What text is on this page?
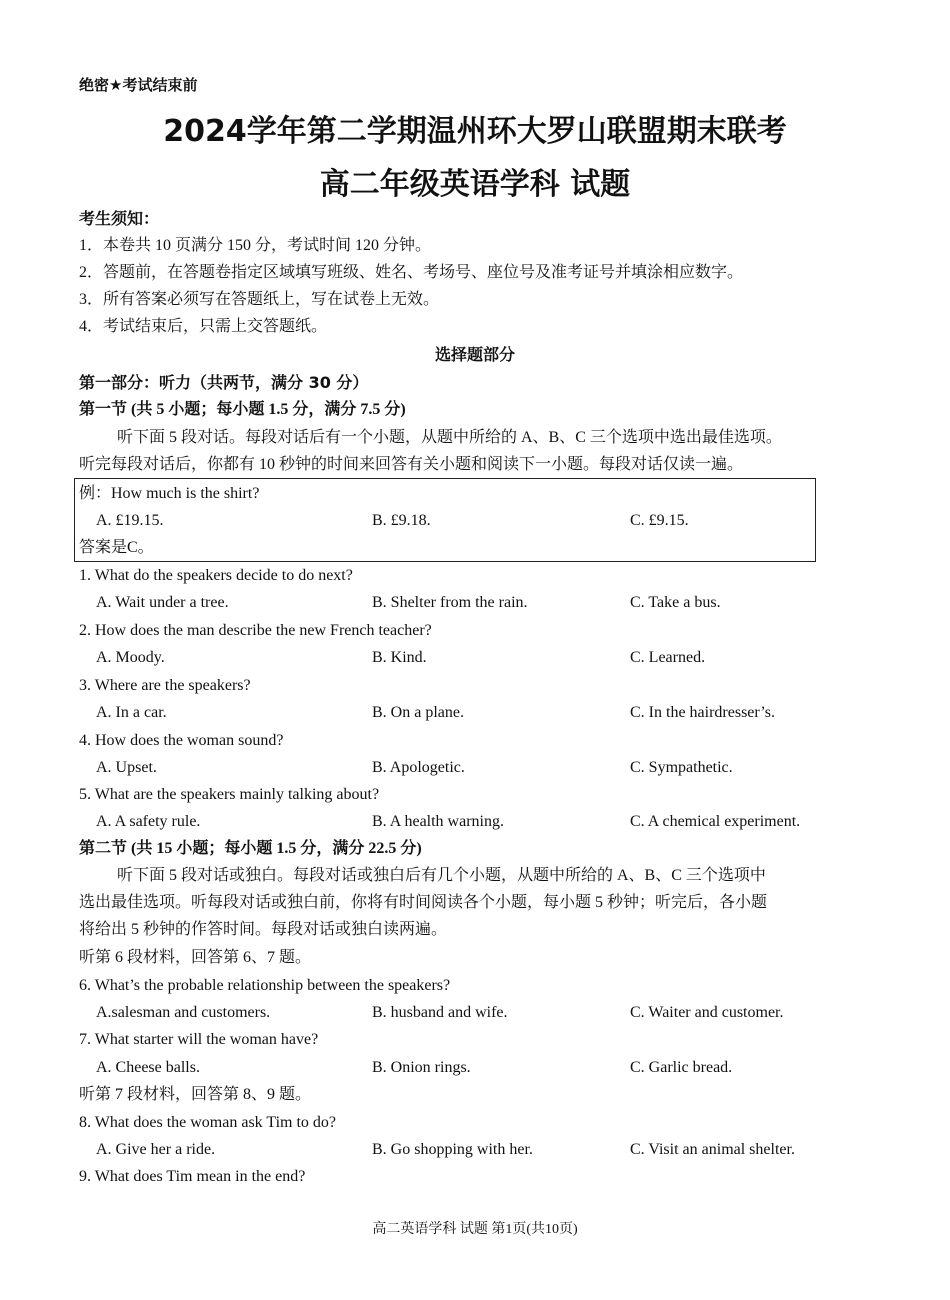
绝密★考试结束前
2024学年第二学期温州环大罗山联盟期末联考
高二年级英语学科 试题
考生须知：
1．本卷共 10 页满分 150 分，考试时间 120 分钟。
2．答题前，在答题卷指定区域填写班级、姓名、考场号、座位号及准考证号并填涂相应数字。
3．所有答案必须写在答题纸上，写在试卷上无效。
4．考试结束后，只需上交答题纸。
选择题部分
第一部分：听力（共两节，满分 30 分）
第一节 (共 5 小题；每小题 1.5 分，满分 7.5 分)
听下面 5 段对话。每段对话后有一个小题，从题中所给的 A、B、C 三个选项中选出最佳选项。
听完每段对话后，你都有 10 秒钟的时间来回答有关小题和阅读下一小题。每段对话仅读一遍。
例：How much is the shirt?
A. £19.15.	B. £9.18.	C. £9.15.
答案是C。
1. What do the speakers decide to do next?
A. Wait under a tree.	B. Shelter from the rain.	C. Take a bus.
2. How does the man describe the new French teacher?
A. Moody.	B. Kind.	C. Learned.
3. Where are the speakers?
A. In a car.	B. On a plane.	C. In the hairdresser’s.
4. How does the woman sound?
A. Upset.	B. Apologetic.	C. Sympathetic.
5. What are the speakers mainly talking about?
A. A safety rule.	B. A health warning.	C. A chemical experiment.
第二节 (共 15 小题；每小题 1.5 分，满分 22.5 分)
听下面 5 段对话或独白。每段对话或独白后有几个小题，从题中所给的 A、B、C 三个选项中
选出最佳选项。听每段对话或独白前，你将有时间阅读各个小题，每小题 5 秒钟；听完后，各小题
将给出 5 秒钟的作答时间。每段对话或独白读两遍。
听第 6 段材料，回答第 6、7 题。
6. What’s the probable relationship between the speakers?
A.salesman and customers.	B. husband and wife.	C. Waiter and customer.
7. What starter will the woman have?
A. Cheese balls.	B. Onion rings.	C. Garlic bread.
听第 7 段材料，回答第 8、9 题。
8. What does the woman ask Tim to do?
A. Give her a ride.	B. Go shopping with her.	C. Visit an animal shelter.
9. What does Tim mean in the end?
高二英语学科 试题 第1页(共10页)
